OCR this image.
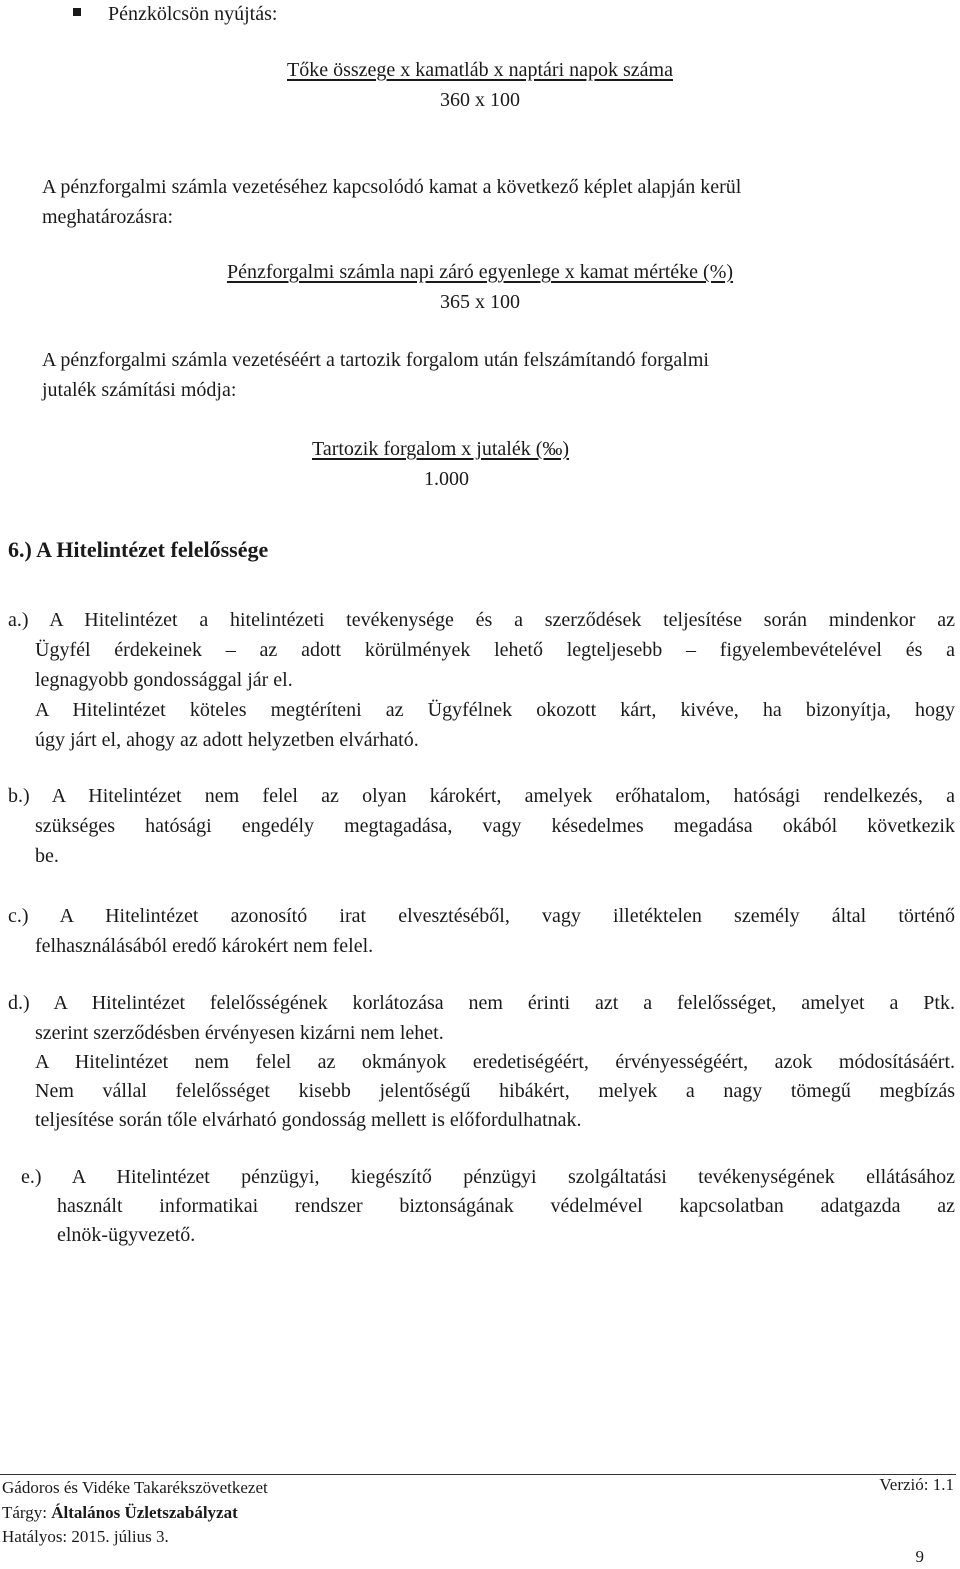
Pénzkölcsön nyújtás:
Tőke összege x kamatláb x naptári napok száma
360 x 100
A pénzforgalmi számla vezetéséhez kapcsolódó kamat a következő képlet alapján kerül
meghatározásra:
Pénzforgalmi számla napi záró egyenlege x kamat mértéke (%)
365 x 100
A pénzforgalmi számla vezetéséért a tartozik forgalom után felszámítandó forgalmi
jutalék számítási módja:
Tartozik forgalom x jutalék (‰)
1.000
6.) A Hitelintézet felelőssége
a.) A Hitelintézet a hitelintézeti tevékenysége és a szerződések teljesítése során mindenkor az
Ügyfél érdekeinek – az adott körülmények lehető legteljesebb – figyelembevételével és a
legnagyobb gondossággal jár el.
A Hitelintézet köteles megtéríteni az Ügyfélnek okozott kárt, kivéve, ha bizonyítja, hogy
úgy járt el, ahogy az adott helyzetben elvárható.
b.) A Hitelintézet nem felel az olyan károkért, amelyek erőhatalom, hatósági rendelkezés, a
szükséges hatósági engedély megtagadása, vagy késedelmes megadása okából következik
be.
c.) A Hitelintézet azonosító irat elvesztéséből, vagy illetéktelen személy által történő
felhasználásából eredő károkért nem felel.
d.) A Hitelintézet felelősségének korlátozása nem érinti azt a felelősséget, amelyet a Ptk.
szerint szerződésben érvényesen kizárni nem lehet.
A Hitelintézet nem felel az okmányok eredetiségéért, érvényességéért, azok módosításáért.
Nem vállal felelősséget kisebb jelentőségű hibákért, melyek a nagy tömegű megbízás
teljesítése során tőle elvárható gondosság mellett is előfordulhatnak.
e.) A Hitelintézet pénzügyi, kiegészítő pénzügyi szolgáltatási tevékenységének ellátásához
használt informatikai rendszer biztonságának védelmével kapcsolatban adatgazda az
elnök-ügyvezető.
Gádoros és Vidéke Takarékszövetkezet
Tárgy: Általános Üzletszabályzat
Hatályos: 2015. július 3.
Verzió: 1.1
9
